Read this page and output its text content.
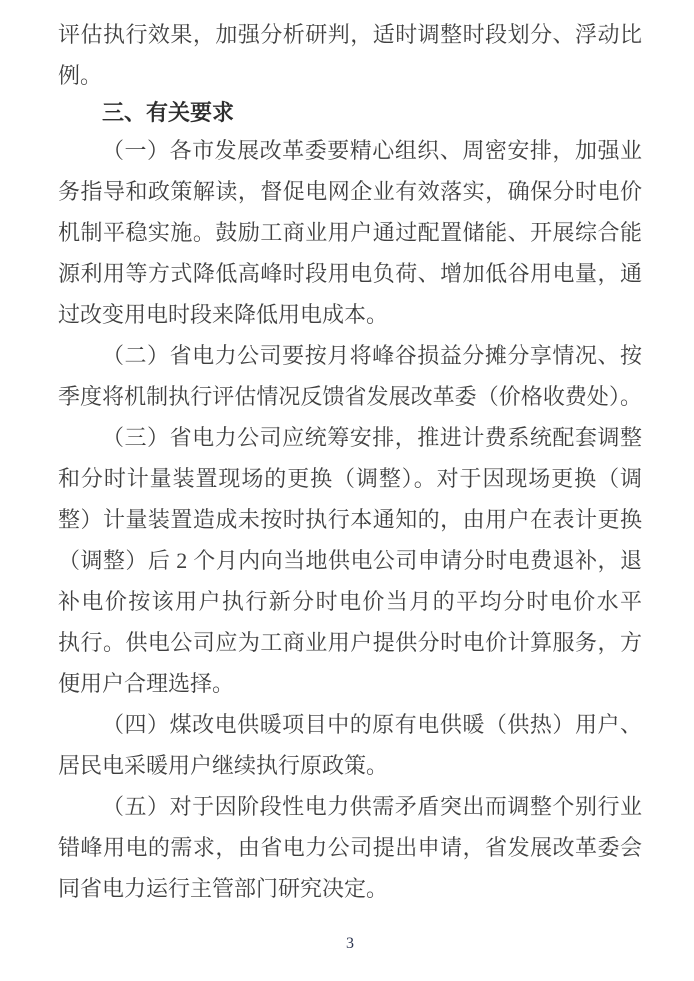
评估执行效果，加强分析研判，适时调整时段划分、浮动比
例。
三、有关要求
（一）各市发展改革委要精心组织、周密安排，加强业
务指导和政策解读，督促电网企业有效落实，确保分时电价
机制平稳实施。鼓励工商业用户通过配置储能、开展综合能
源利用等方式降低高峰时段用电负荷、增加低谷用电量，通
过改变用电时段来降低用电成本。
（二）省电力公司要按月将峰谷损益分摊分享情况、按
季度将机制执行评估情况反馈省发展改革委（价格收费处）。
（三）省电力公司应统筹安排，推进计费系统配套调整
和分时计量装置现场的更换（调整）。对于因现场更换（调
整）计量装置造成未按时执行本通知的，由用户在表计更换
（调整）后 2 个月内向当地供电公司申请分时电费退补，退
补电价按该用户执行新分时电价当月的平均分时电价水平
执行。供电公司应为工商业用户提供分时电价计算服务，方
便用户合理选择。
（四）煤改电供暖项目中的原有电供暖（供热）用户、
居民电采暖用户继续执行原政策。
（五）对于因阶段性电力供需矛盾突出而调整个别行业
错峰用电的需求，由省电力公司提出申请，省发展改革委会
同省电力运行主管部门研究决定。
3
